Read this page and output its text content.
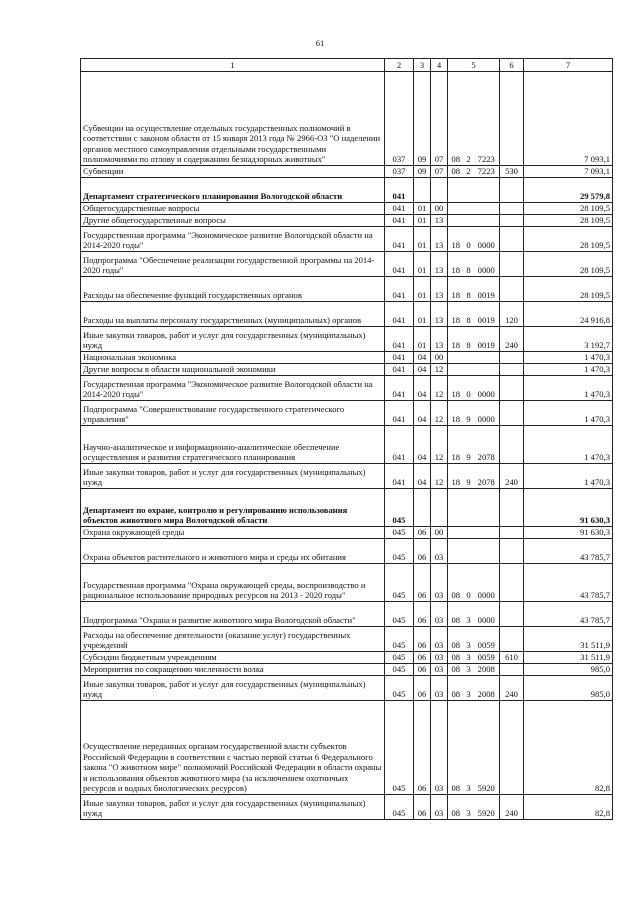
61
1	2	3	4	5			6	7
Субвенции на осуществление отдельных государственных полномочий в соответствии с законом области от 15 января 2013 года № 2966-ОЗ "О наделении органов местного самоуправления отдельными государственными полномочиями по отлову и содержанию безнадзорных животных"	037	09	07	08	2	7223		7 093,1
Субвенции	037	09	07	08	2	7223	530	7 093,1
Департамент стратегического планирования Вологодской области	041							29 579,8
Общегосударственные вопросы	041	01	00					28 109,5
Другие общегосударственные вопросы	041	01	13					28 109,5
Государственная программа "Экономическое развитие Вологодской области на 2014-2020 годы"	041	01	13	18	0	0000		28 109,5
Подпрограмма "Обеспечение реализации государственной программы на 2014-2020 годы"	041	01	13	18	8	0000		28 109,5
Расходы на обеспечение функций государственных органов	041	01	13	18	8	0019		28 109,5
Расходы на выплаты персоналу государственных (муниципальных) органов	041	01	13	18	8	0019	120	24 916,8
Иные закупки товаров, работ и услуг для государственных (муниципальных) нужд	041	01	13	18	8	0019	240	3 192,7
Национальная экономика	041	04	00					1 470,3
Другие вопросы в области национальной экономики	041	04	12					1 470,3
Государственная программа "Экономическое развитие Вологодской области на 2014-2020 годы"	041	04	12	18	0	0000		1 470,3
Подпрограмма "Совершенствование государственного стратегического управления"	041	04	12	18	9	0000		1 470,3
Научно-аналитическое и информационно-аналитическое обеспечение осуществления и развития стратегического планирования	041	04	12	18	9	2078		1 470,3
Иные закупки товаров, работ и услуг для государственных (муниципальных) нужд	041	04	12	18	9	2078	240	1 470,3
Департамент по охране, контролю и регулированию использования объектов животного мира Вологодской области	045							91 630,3
Охрана окружающей среды	045	06	00					91 630,3
Охрана объектов растительного и животного мира и среды их обитания	045	06	03					43 785,7
Государственная программа "Охрана окружающей среды, воспроизводство и рациональное использование природных ресурсов на 2013 - 2020 годы"	045	06	03	08	0	0000		43 785,7
Подпрограмма "Охрана и развитие животного мира Вологодской области"	045	06	03	08	3	0000		43 785,7
Расходы на обеспечение деятельности (оказание услуг) государственных учреждений	045	06	03	08	3	0059		31 511,9
Субсидии бюджетным учреждениям	045	06	03	08	3	0059	610	31 511,9
Мероприятия по сокращению численности волка	045	06	03	08	3	2008		985,0
Иные закупки товаров, работ и услуг для государственных (муниципальных) нужд	045	06	03	08	3	2008	240	985,0
Осуществление переданных органам государственной власти субъектов Российской Федерации в соответствии с частью первой статьи 6 Федерального закона "О животном мире" полномочий Российской Федерации в области охраны и использования объектов животного мира (за исключением охотничьих ресурсов и водных биологических ресурсов)	045	06	03	08	3	5920		82,8
Иные закупки товаров, работ и услуг для государственных (муниципальных) нужд	045	06	03	08	3	5920	240	82,8
